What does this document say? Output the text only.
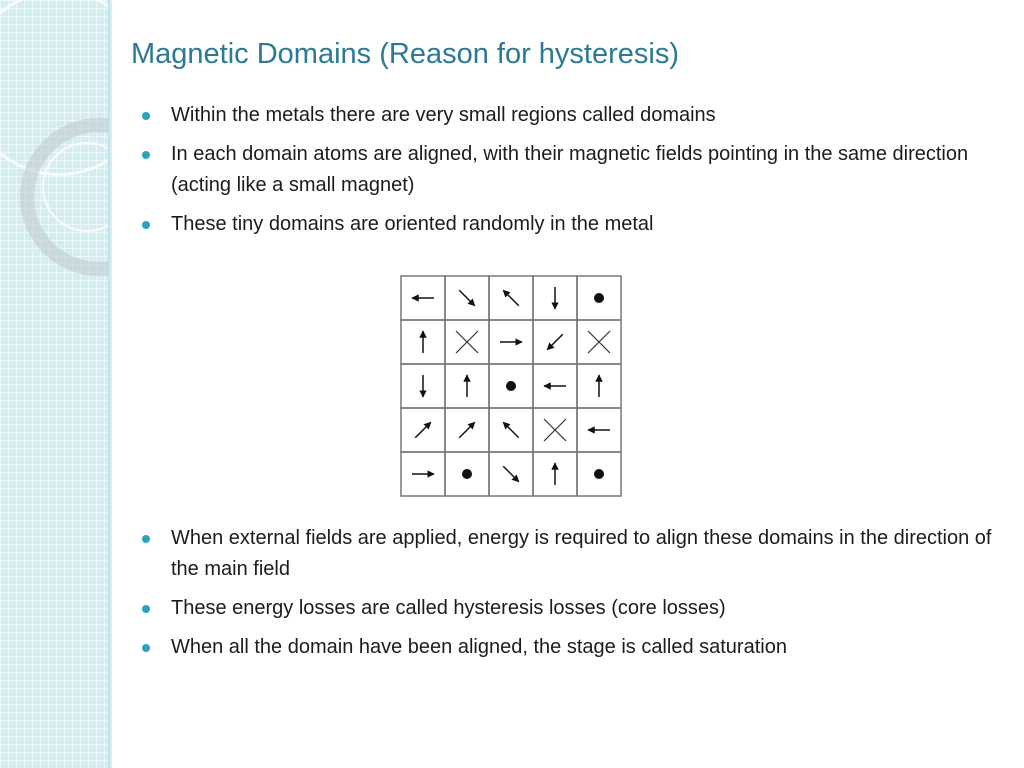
Magnetic Domains (Reason for hysteresis)
Within the metals there are very small regions called domains
In each domain atoms are aligned, with their magnetic fields pointing in the same direction (acting like a small magnet)
These tiny domains are oriented randomly in the metal
When external fields are applied, energy is required to align these domains in the direction of the main field
These energy losses are called hysteresis losses (core losses)
When all the domain have been aligned, the stage is called saturation
